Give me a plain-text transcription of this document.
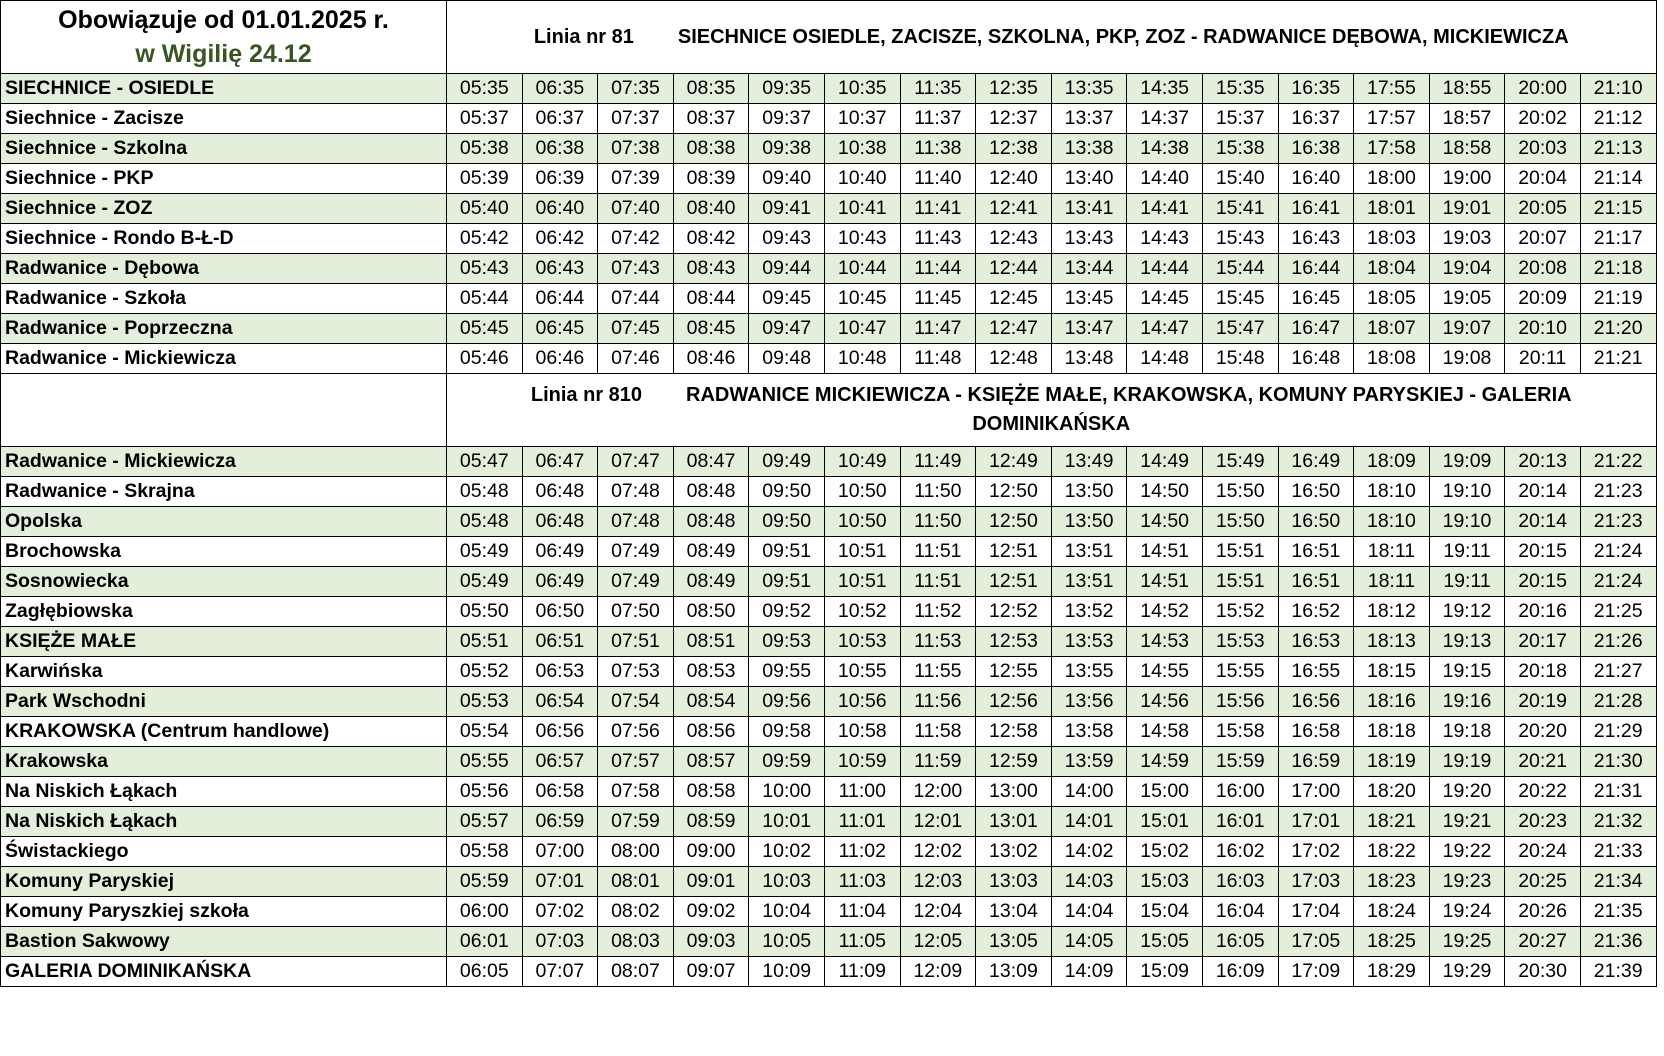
Obowiązuje od 01.01.2025 r.
w Wigilię 24.12	Linia nr 81 SIECHNICE OSIEDLE, ZACISZE, SZKOLNA, PKP, ZOZ - RADWANICE DĘBOWA, MICKIEWICZA															

SIECHNICE - OSIEDLE	05:35	06:35	07:35	08:35	09:35	10:35	11:35	12:35	13:35	14:35	15:35	16:35	17:55	18:55	20:00	21:10
Siechnice - Zacisze	05:37	06:37	07:37	08:37	09:37	10:37	11:37	12:37	13:37	14:37	15:37	16:37	17:57	18:57	20:02	21:12
Siechnice - Szkolna	05:38	06:38	07:38	08:38	09:38	10:38	11:38	12:38	13:38	14:38	15:38	16:38	17:58	18:58	20:03	21:13
Siechnice - PKP	05:39	06:39	07:39	08:39	09:40	10:40	11:40	12:40	13:40	14:40	15:40	16:40	18:00	19:00	20:04	21:14
Siechnice - ZOZ	05:40	06:40	07:40	08:40	09:41	10:41	11:41	12:41	13:41	14:41	15:41	16:41	18:01	19:01	20:05	21:15
Siechnice - Rondo B-Ł-D	05:42	06:42	07:42	08:42	09:43	10:43	11:43	12:43	13:43	14:43	15:43	16:43	18:03	19:03	20:07	21:17
Radwanice - Dębowa	05:43	06:43	07:43	08:43	09:44	10:44	11:44	12:44	13:44	14:44	15:44	16:44	18:04	19:04	20:08	21:18
Radwanice - Szkoła	05:44	06:44	07:44	08:44	09:45	10:45	11:45	12:45	13:45	14:45	15:45	16:45	18:05	19:05	20:09	21:19
Radwanice - Poprzeczna	05:45	06:45	07:45	08:45	09:47	10:47	11:47	12:47	13:47	14:47	15:47	16:47	18:07	19:07	20:10	21:20
Radwanice - Mickiewicza	05:46	06:46	07:46	08:46	09:48	10:48	11:48	12:48	13:48	14:48	15:48	16:48	18:08	19:08	20:11	21:21

	Linia nr 810 RADWANICE MICKIEWICZA - KSIĘŻE MAŁE, KRAKOWSKA, KOMUNY PARYSKIEJ - GALERIA DOMINIKAŃSKA															

Radwanice - Mickiewicza	05:47	06:47	07:47	08:47	09:49	10:49	11:49	12:49	13:49	14:49	15:49	16:49	18:09	19:09	20:13	21:22
Radwanice - Skrajna	05:48	06:48	07:48	08:48	09:50	10:50	11:50	12:50	13:50	14:50	15:50	16:50	18:10	19:10	20:14	21:23
Opolska	05:48	06:48	07:48	08:48	09:50	10:50	11:50	12:50	13:50	14:50	15:50	16:50	18:10	19:10	20:14	21:23
Brochowska	05:49	06:49	07:49	08:49	09:51	10:51	11:51	12:51	13:51	14:51	15:51	16:51	18:11	19:11	20:15	21:24
Sosnowiecka	05:49	06:49	07:49	08:49	09:51	10:51	11:51	12:51	13:51	14:51	15:51	16:51	18:11	19:11	20:15	21:24
Zagłębiowska	05:50	06:50	07:50	08:50	09:52	10:52	11:52	12:52	13:52	14:52	15:52	16:52	18:12	19:12	20:16	21:25
KSIĘŻE MAŁE	05:51	06:51	07:51	08:51	09:53	10:53	11:53	12:53	13:53	14:53	15:53	16:53	18:13	19:13	20:17	21:26
Karwińska	05:52	06:53	07:53	08:53	09:55	10:55	11:55	12:55	13:55	14:55	15:55	16:55	18:15	19:15	20:18	21:27
Park Wschodni	05:53	06:54	07:54	08:54	09:56	10:56	11:56	12:56	13:56	14:56	15:56	16:56	18:16	19:16	20:19	21:28
KRAKOWSKA (Centrum handlowe)	05:54	06:56	07:56	08:56	09:58	10:58	11:58	12:58	13:58	14:58	15:58	16:58	18:18	19:18	20:20	21:29
Krakowska	05:55	06:57	07:57	08:57	09:59	10:59	11:59	12:59	13:59	14:59	15:59	16:59	18:19	19:19	20:21	21:30
Na Niskich Łąkach	05:56	06:58	07:58	08:58	10:00	11:00	12:00	13:00	14:00	15:00	16:00	17:00	18:20	19:20	20:22	21:31
Na Niskich Łąkach	05:57	06:59	07:59	08:59	10:01	11:01	12:01	13:01	14:01	15:01	16:01	17:01	18:21	19:21	20:23	21:32
Świstackiego	05:58	07:00	08:00	09:00	10:02	11:02	12:02	13:02	14:02	15:02	16:02	17:02	18:22	19:22	20:24	21:33
Komuny Paryskiej	05:59	07:01	08:01	09:01	10:03	11:03	12:03	13:03	14:03	15:03	16:03	17:03	18:23	19:23	20:25	21:34
Komuny Paryszkiej szkoła	06:00	07:02	08:02	09:02	10:04	11:04	12:04	13:04	14:04	15:04	16:04	17:04	18:24	19:24	20:26	21:35
Bastion Sakwowy	06:01	07:03	08:03	09:03	10:05	11:05	12:05	13:05	14:05	15:05	16:05	17:05	18:25	19:25	20:27	21:36
GALERIA DOMINIKAŃSKA	06:05	07:07	08:07	09:07	10:09	11:09	12:09	13:09	14:09	15:09	16:09	17:09	18:29	19:29	20:30	21:39
